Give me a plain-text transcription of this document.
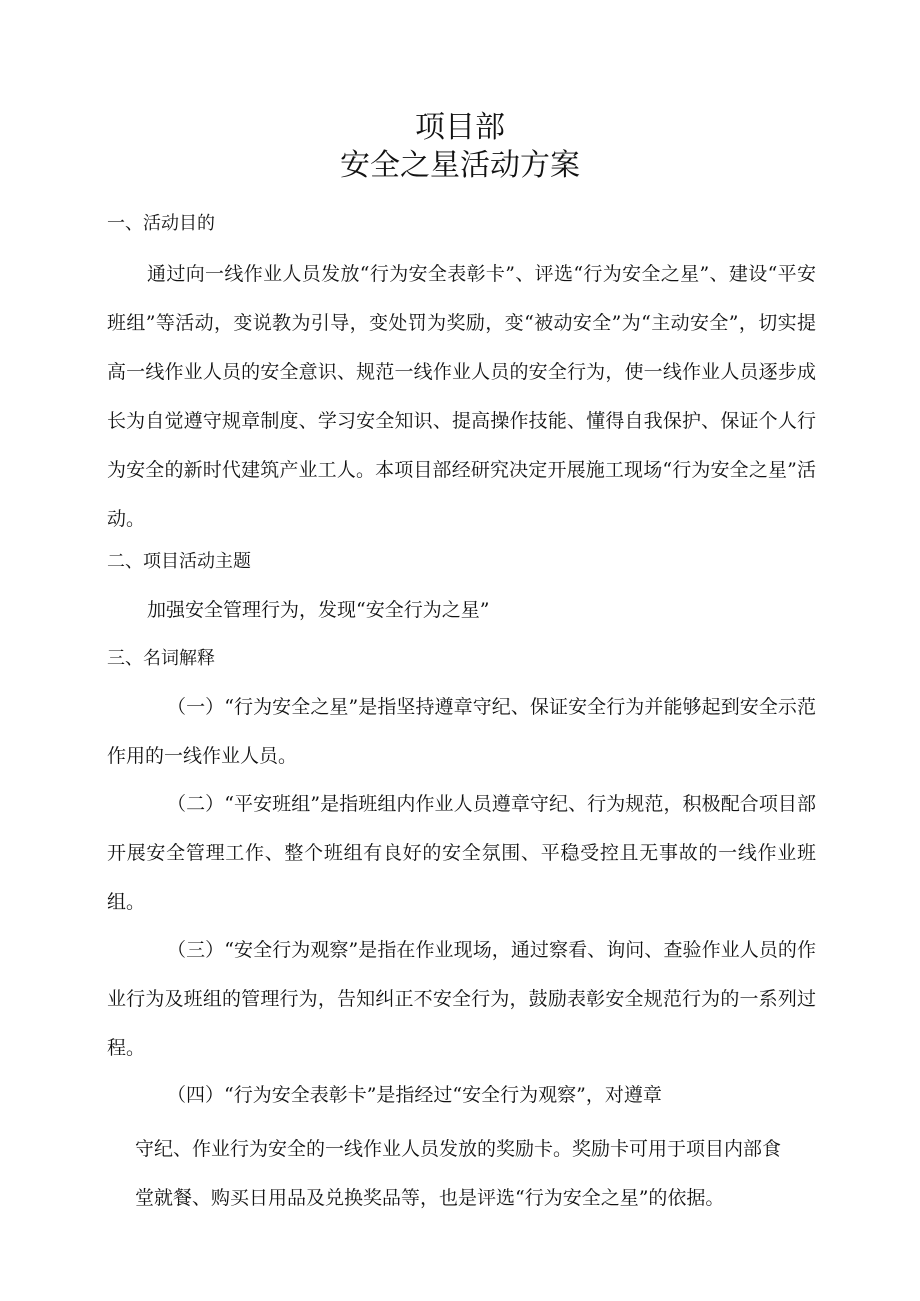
项目部
安全之星活动方案
一、活动目的
通过向一线作业人员发放“行为安全表彰卡”、评选“行为安全之星”、建设“平安班组”等活动，变说教为引导，变处罚为奖励，变“被动安全”为“主动安全”，切实提高一线作业人员的安全意识、规范一线作业人员的安全行为，使一线作业人员逐步成长为自觉遵守规章制度、学习安全知识、提高操作技能、懂得自我保护、保证个人行为安全的新时代建筑产业工人。本项目部经研究决定开展施工现场“行为安全之星”活动。
二、项目活动主题
加强安全管理行为，发现“安全行为之星”
三、名词解释
（一）“行为安全之星”是指坚持遵章守纪、保证安全行为并能够起到安全示范作用的一线作业人员。
（二）“平安班组”是指班组内作业人员遵章守纪、行为规范，积极配合项目部开展安全管理工作、整个班组有良好的安全氛围、平稳受控且无事故的一线作业班组。
（三）“安全行为观察”是指在作业现场，通过察看、询问、查验作业人员的作业行为及班组的管理行为，告知纠正不安全行为，鼓励表彰安全规范行为的一系列过程。
（四）“行为安全表彰卡”是指经过“安全行为观察”，对遵章
守纪、作业行为安全的一线作业人员发放的奖励卡。奖励卡可用于项目内部食
堂就餐、购买日用品及兑换奖品等，也是评选“行为安全之星”的依据。
